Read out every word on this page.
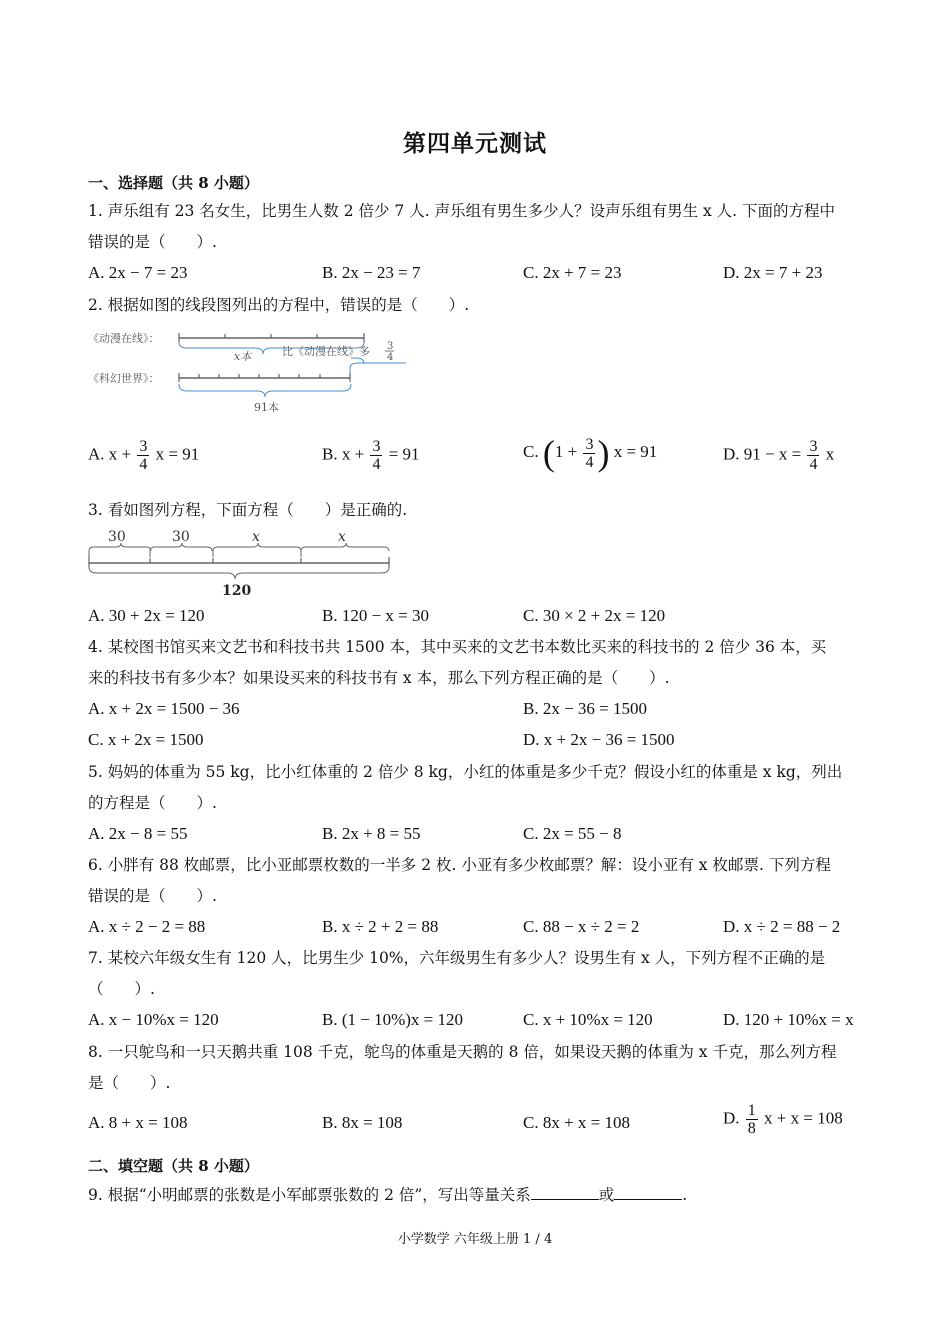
第四单元测试
一、选择题（共 8 小题）
1. 声乐组有 23 名女生，比男生人数 2 倍少 7 人. 声乐组有男生多少人？设声乐组有男生 x 人. 下面的方程中
错误的是（　　）.
A. 2x − 7 = 23	B. 2x − 23 = 7	C. 2x + 7 = 23	D. 2x = 7 + 23
2. 根据如图的线段图列出的方程中，错误的是（　　）.
《动漫在线》：
x本	比《动漫在线》多 3
4
《科幻世界》：
91本
A. $x + \frac{3}{4}$ x = 91	B. $x + \frac{3}{4} = 91$	C. ($1 + \frac{3}{4}$ ) x = 91	D. $91 - x = \frac{3}{4}$ x
3. 看如图列方程，下面方程（　　）是正确的.
30	30	x	x
120
A. 30 + 2x = 120	B. 120 − x = 30	C. 30 × 2 + 2x = 120
4. 某校图书馆买来文艺书和科技书共 1500 本，其中买来的文艺书本数比买来的科技书的 2 倍少 36 本，买
来的科技书有多少本？如果设买来的科技书有 x 本，那么下列方程正确的是（　　）.
A. x + 2x = 1500 − 36	B. 2x − 36 = 1500
C. x + 2x = 1500	D. x + 2x − 36 = 1500
5. 妈妈的体重为 55 kg，比小红体重的 2 倍少 8 kg，小红的体重是多少千克？假设小红的体重是 x kg，列出
的方程是（　　）.
A. 2x − 8 = 55	B. 2x + 8 = 55	C. 2x = 55 − 8
6. 小胖有 88 枚邮票，比小亚邮票枚数的一半多 2 枚. 小亚有多少枚邮票？解：设小亚有 x 枚邮票. 下列方程
错误的是（　　）.
A. x ÷ 2 − 2 = 88	B. x ÷ 2 + 2 = 88	C. 88 − x ÷ 2 = 2	D. x ÷ 2 = 88 − 2
7. 某校六年级女生有 120 人，比男生少 10%，六年级男生有多少人？设男生有 x 人，下列方程不正确的是
（　　）.
A. x − 10%x = 120	B. (1 − 10%)x = 120	C. x + 10%x = 120	D. 120 + 10%x = x
8. 一只鸵鸟和一只天鹅共重 108 千克，鸵鸟的体重是天鹅的 8 倍，如果设天鹅的体重为 x 千克，那么列方程
是（　　）.
A. 8 + x = 108	B. 8x = 108	C. 8x + x = 108	D. $\frac{1}{8}$ x + x = 108
二、填空题（共 8 小题）
9. 根据“小明邮票的张数是小军邮票张数的 2 倍”，写出等量关系	或	.
小学数学 六年级上册 1 / 4
